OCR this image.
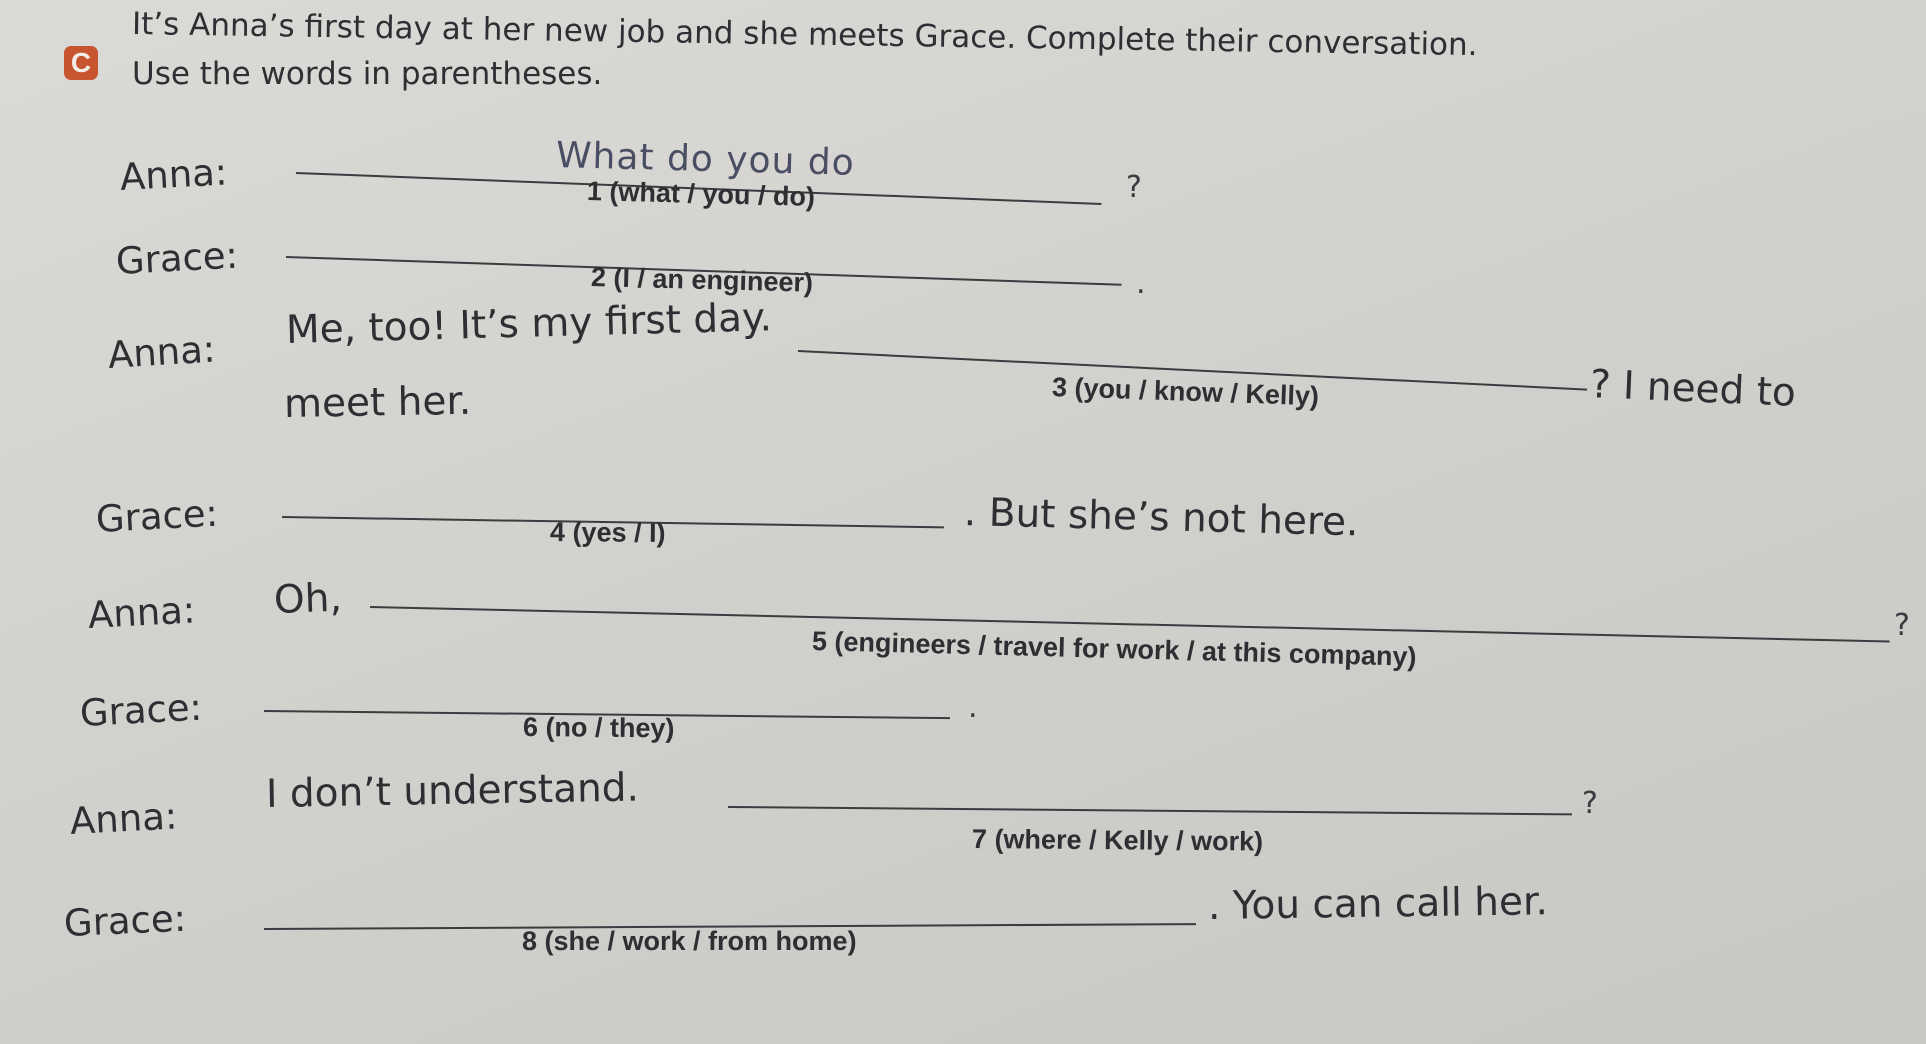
C It’s Anna’s first day at her new job and she meets Grace. Complete their conversation.
Use the words in parentheses.
Anna:	What do you do
1 (what / you / do)	?
Grace:	2 (I / an engineer)	.
Anna: Me, too! It’s my first day.
3 (you / know / Kelly)	? I need to
meet her.
Grace:	4 (yes / I)	. But she’s not here.
Anna: Oh,
5 (engineers / travel for work / at this company)
?
Grace:	6 (no / they)
.
Anna:
I don’t understand.
7 (where / Kelly / work)
?
Grace:	8 (she / work / from home)
. You can call her.
